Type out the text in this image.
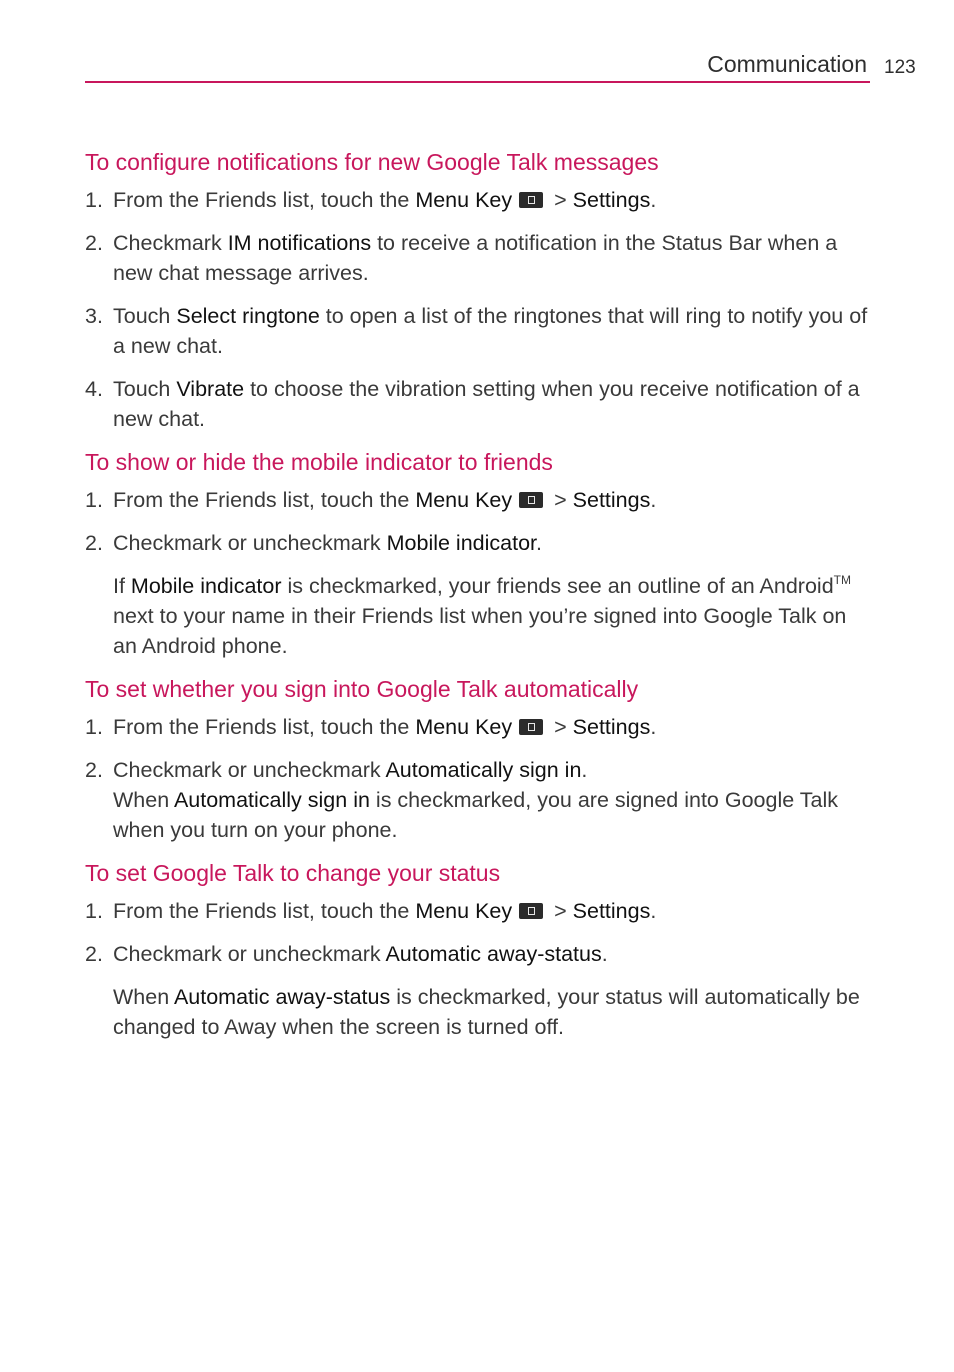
Communication 123
To configure notifications for new Google Talk messages
1. From the Friends list, touch the Menu Key > Settings.
2. Checkmark IM notifications to receive a notification in the Status Bar when a new chat message arrives.
3. Touch Select ringtone to open a list of the ringtones that will ring to notify you of a new chat.
4. Touch Vibrate to choose the vibration setting when you receive notification of a new chat.
To show or hide the mobile indicator to friends
1. From the Friends list, touch the Menu Key > Settings.
2. Checkmark or uncheckmark Mobile indicator.
If Mobile indicator is checkmarked, your friends see an outline of an Android™ next to your name in their Friends list when you’re signed into Google Talk on an Android phone.
To set whether you sign into Google Talk automatically
1. From the Friends list, touch the Menu Key > Settings.
2. Checkmark or uncheckmark Automatically sign in.
When Automatically sign in is checkmarked, you are signed into Google Talk when you turn on your phone.
To set Google Talk to change your status
1. From the Friends list, touch the Menu Key > Settings.
2. Checkmark or uncheckmark Automatic away-status.
When Automatic away-status is checkmarked, your status will automatically be changed to Away when the screen is turned off.
